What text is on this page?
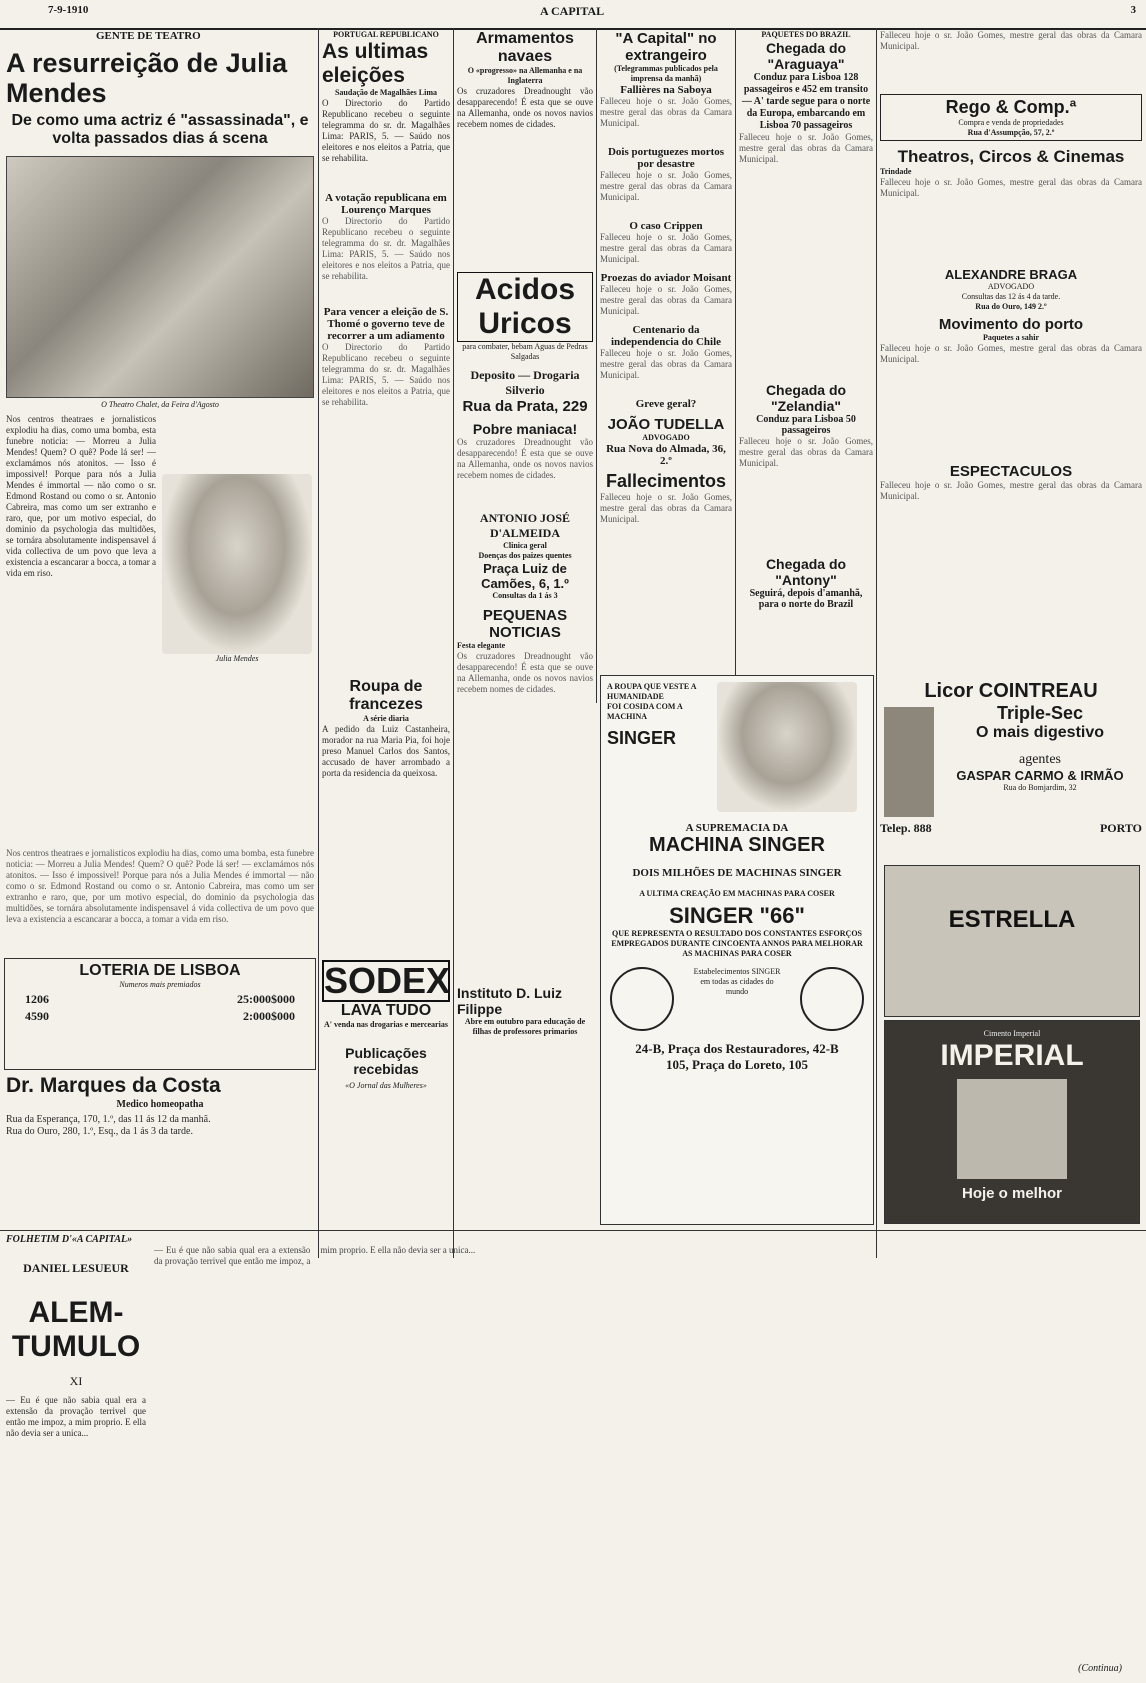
7-9-1910	A CAPITAL	3
GENTE DE TEATRO
A resurreição de Julia Mendes
De como uma actriz é "assassinada", e volta passados dias á scena
O Theatro Chalet, da Feira d'Agosto
Nos centros theatraes e jornalisticos explodiu ha dias, como uma bomba, esta funebre noticia: — Morreu a Julia Mendes! Quem? O quê? Pode lá ser! — exclamámos nós atonitos. — Isso é impossivel! Porque para nós a Julia Mendes é immortal — não como o sr. Edmond Rostand ou como o sr. Antonio Cabreira, mas como um ser extranho e raro, que, por um motivo especial, do dominio da psychologia das multidões, se tornára absolutamente indispensavel á vida collectiva de um povo que leva a existencia a escancarar a bocca, a tomar a vida em riso.
Julia Mendes
Nos centros theatraes e jornalisticos explodiu ha dias, como uma bomba, esta funebre noticia: — Morreu a Julia Mendes! Quem? O quê? Pode lá ser! — exclamámos nós atonitos. — Isso é impossivel! Porque para nós a Julia Mendes é immortal — não como o sr. Edmond Rostand ou como o sr. Antonio Cabreira, mas como um ser extranho e raro, que, por um motivo especial, do dominio da psychologia das multidões, se tornára absolutamente indispensavel á vida collectiva de um povo que leva a existencia a escancarar a bocca, a tomar a vida em riso.
LOTERIA DE LISBOA
Numeros mais premiados
1206	25:000$000
4590	2:000$000
Dr. Marques da Costa
Medico homeopatha
Rua da Esperança, 170, 1.º, das 11 ás 12 da manhã.
Rua do Ouro, 280, 1.º, Esq., da 1 ás 3 da tarde.
PORTUGAL REPUBLICANO
As ultimas eleições
Saudação de Magalhães Lima
O Directorio do Partido Republicano recebeu o seguinte telegramma do sr. dr. Magalhães Lima: PARIS, 5. — Saúdo nos eleitores e nos eleitos a Patria, que se rehabilita.
A votação republicana em Lourenço Marques
O Directorio do Partido Republicano recebeu o seguinte telegramma do sr. dr. Magalhães Lima: PARIS, 5. — Saúdo nos eleitores e nos eleitos a Patria, que se rehabilita.
Para vencer a eleição de S. Thomé o governo teve de recorrer a um adiamento
O Directorio do Partido Republicano recebeu o seguinte telegramma do sr. dr. Magalhães Lima: PARIS, 5. — Saúdo nos eleitores e nos eleitos a Patria, que se rehabilita.
Roupa de francezes
A série diaria
A pedido da Luiz Castanheira, morador na rua Maria Pia, foi hoje preso Manuel Carlos dos Santos, accusado de haver arrombado a porta da residencia da queixosa.
SODEX
LAVA TUDO
A' venda nas drogarias e mercearias
Publicações recebidas
«O Jornal das Mulheres»
Armamentos navaes
O «progresso» na Allemanha e na Inglaterra
Os cruzadores Dreadnought vão desapparecendo! É esta que se ouve na Allemanha, onde os novos navios recebem nomes de cidades.
Acidos Uricos
para combater, bebam Aguas de Pedras Salgadas
Deposito — Drogaria Silverio
Rua da Prata, 229
Pobre maniaca!
Os cruzadores Dreadnought vão desapparecendo! É esta que se ouve na Allemanha, onde os novos navios recebem nomes de cidades.
ANTONIO JOSÉ D'ALMEIDA
Clinica geral
Doenças dos paizes quentes
Praça Luiz de Camões, 6, 1.º
Consultas da 1 ás 3
PEQUENAS NOTICIAS
Festa elegante
Os cruzadores Dreadnought vão desapparecendo! É esta que se ouve na Allemanha, onde os novos navios recebem nomes de cidades.
Instituto D. Luiz Filippe
Abre em outubro para educação de filhas de professores primarios
"A Capital" no extrangeiro
(Telegrammas publicados pela imprensa da manhã)
Fallières na Saboya
Falleceu hoje o sr. João Gomes, mestre geral das obras da Camara Municipal.
Dois portuguezes mortos por desastre
Falleceu hoje o sr. João Gomes, mestre geral das obras da Camara Municipal.
O caso Crippen
Falleceu hoje o sr. João Gomes, mestre geral das obras da Camara Municipal.
Proezas do aviador Moisant
Falleceu hoje o sr. João Gomes, mestre geral das obras da Camara Municipal.
Centenario da independencia do Chile
Falleceu hoje o sr. João Gomes, mestre geral das obras da Camara Municipal.
Greve geral?
JOÃO TUDELLA
ADVOGADO
Rua Nova do Almada, 36, 2.º
Fallecimentos
Falleceu hoje o sr. João Gomes, mestre geral das obras da Camara Municipal.
PAQUETES DO BRAZIL
Chegada do "Araguaya"
Conduz para Lisboa 128 passageiros e 452 em transito — A' tarde segue para o norte da Europa, embarcando em Lisboa 70 passageiros
Falleceu hoje o sr. João Gomes, mestre geral das obras da Camara Municipal.
Chegada do "Zelandia"
Conduz para Lisboa 50 passageiros
Falleceu hoje o sr. João Gomes, mestre geral das obras da Camara Municipal.
Chegada do "Antony"
Seguirá, depois d'amanhã, para o norte do Brazil
A ROUPA QUE VESTE A HUMANIDADE
FOI COSIDA COM A MACHINA
SINGER
A SUPREMACIA DA
MACHINA SINGER
DOIS MILHÕES DE MACHINAS SINGER
A ULTIMA CREAÇÃO EM MACHINAS PARA COSER
SINGER "66"
QUE REPRESENTA O RESULTADO DOS CONSTANTES ESFORÇOS EMPREGADOS DURANTE CINCOENTA ANNOS PARA MELHORAR AS MACHINAS PARA COSER
Estabelecimentos SINGER em todas as cidades do mundo
24-B, Praça dos Restauradores, 42-B
105, Praça do Loreto, 105
Falleceu hoje o sr. João Gomes, mestre geral das obras da Camara Municipal.
Rego & Comp.ª
Compra e venda de propriedades
Rua d'Assumpção, 57, 2.º
Theatros, Circos & Cinemas
Trindade
Falleceu hoje o sr. João Gomes, mestre geral das obras da Camara Municipal.
ALEXANDRE BRAGA
ADVOGADO
Consultas das 12 ás 4 da tarde.
Rua do Ouro, 149 2.º
Movimento do porto
Paquetes a sahir
Falleceu hoje o sr. João Gomes, mestre geral das obras da Camara Municipal.
ESPECTACULOS
Falleceu hoje o sr. João Gomes, mestre geral das obras da Camara Municipal.
Licor COINTREAU
Triple-Sec
O mais digestivo
agentes
GASPAR CARMO & IRMÃO
Rua do Bomjardim, 32
Telep. 888	PORTO
ESTRELLA
Cimento Imperial
IMPERIAL
Hoje o melhor
FOLHETIM D'«A CAPITAL»
DANIEL LESUEUR
ALEM-TUMULO
XI
— Eu é que não sabia qual era a extensão da provação terrivel que então me impoz, a mim proprio. E ella não devia ser a unica...
— Eu é que não sabia qual era a extensão da provação terrivel que então me impoz, a mim proprio. E ella não devia ser a unica...
(Continua)
